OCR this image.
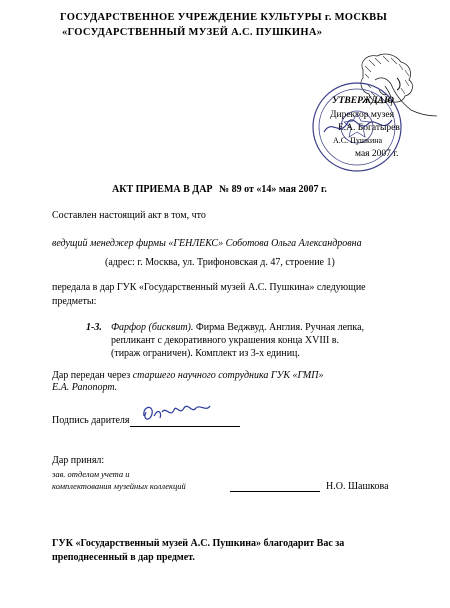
ГОСУДАРСТВЕННОЕ УЧРЕЖДЕНИЕ КУЛЬТУРЫ г. МОСКВЫ
«ГОСУДАРСТВЕННЫЙ МУЗЕЙ А.С. ПУШКИНА»
УТВЕРЖДАЮ
Директор музея
Е.А. Богатырев
А.С. Пушкина
мая 2007 г.
АКТ ПРИЕМА В ДАР № 89 от «14» мая 2007 г.
Составлен настоящий акт в том, что
ведущий менеджер фирмы «ГЕНЛЕКС» Соботова Ольга Александровна
(адрес: г. Москва, ул. Трифоновская д. 47, строение 1)
передала в дар ГУК «Государственный музей А.С. Пушкина» следующие
предметы:
1-3. Фарфор (бисквит). Фирма Веджвуд. Англия. Ручная лепка,
репликант с декоративного украшения конца XVIII в.
(тираж ограничен). Комплект из 3-х единиц.
Дар передан через старшего научного сотрудника ГУК «ГМП»
Е.А. Рапопорт.
Подпись дарителя
Дар принял:
зав. отделом учета и
комплектования музейных коллекций	Н.О. Шашкова
ГУК «Государственный музей А.С. Пушкина» благодарит Вас за
преподнесенный в дар предмет.
